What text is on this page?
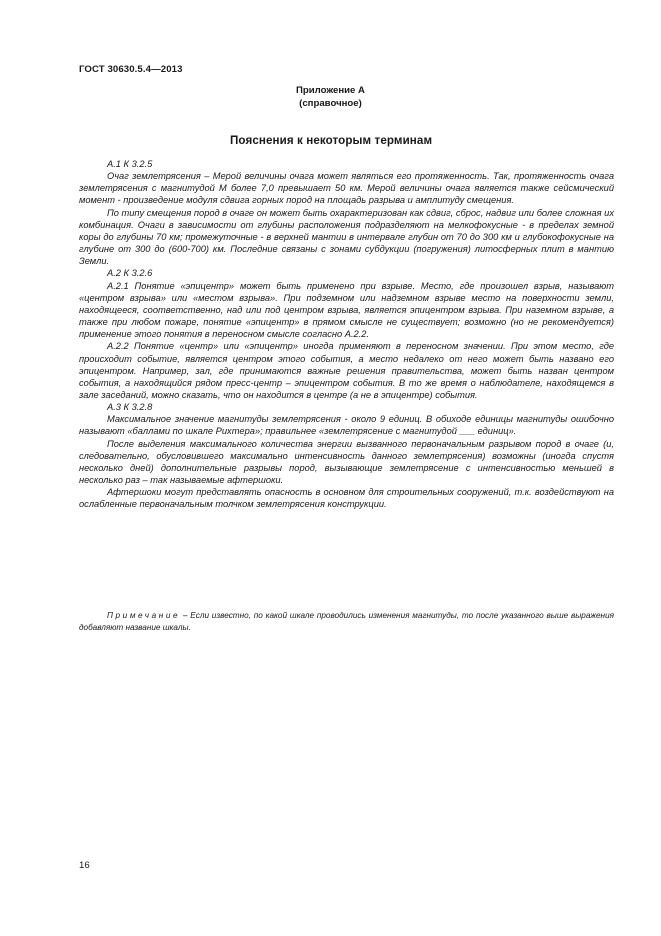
ГОСТ 30630.5.4—2013
Приложение А
(справочное)
Пояснения к некоторым терминам

А.1 К 3.2.5

Очаг землетрясения – Мерой величины очага может являться его протяженность. Так, протяженность очага землетрясения с магнитудой М более 7,0 превышает 50 км. Мерой величины очага является также сейсмический момент - произведение модуля сдвига горных пород на площадь разрыва и амплитуду смещения.

По типу смещения пород в очаге он может быть охарактеризован как сдвиг, сброс, надвиг или более сложная их комбинация. Очаги в зависимости от глубины расположения подразделяют на мелкофокусные - в пределах земной коры до глубины 70 км; промежуточные - в верхней мантии в интервале глубин от 70 до 300 км и глубокофокусные на глубине от 300 до (600-700) км. Последние связаны с зонами субдукции (погружения) литосферных плит в мантию Земли.

А.2 К 3.2.6

А.2.1 Понятие «эпицентр» может быть применено при взрыве. Место, где произошел взрыв, называют «центром взрыва» или «местом взрыва». При подземном или надземном взрыве место на поверхности земли, находящееся, соответственно, над или под центром взрыва, является эпицентром взрыва. При наземном взрыве, а также при любом пожаре, понятие «эпицентр» в прямом смысле не существует; возможно (но не рекомендуется) применение этого понятия в переносном смысле согласно А.2.2.

А.2.2 Понятие «центр» или «эпицентр» иногда применяют в переносном значении. При этом место, где происходит событие, является центром этого события, а место недалеко от него может быть названо его эпицентром. Например, зал, где принимаются важные решения правительства, может быть назван центром события, а находящийся рядом пресс-центр – эпицентром события. В то же время о наблюдателе, находящемся в зале заседаний, можно сказать, что он находится в центре (а не в эпицентре) события.

А.3 К 3.2.8

Максимальное значение магнитуды землетрясения - около 9 единиц. В обиходе единицы магнитуды ошибочно называют «баллами по шкале Рихтера»; правильнее «землетрясение с магнитудой ___ единиц».

После выделения максимального количества энергии вызванного первоначальным разрывом пород в очаге (и, следовательно, обусловившего максимально интенсивность данного землетрясения) возможны (иногда спустя несколько дней) дополнительные разрывы пород, вызывающие землетрясение с интенсивностью меньшей в несколько раз – так называемые афтершоки.

Афтершоки могут представлять опасность в основном для строительных сооружений, т.к. воздействуют на ослабленные первоначальным толчком землетрясения конструкции.

Примечание – Если известно, по какой шкале проводились изменения магнитуды, то после указанного выше выражения добавляют название шкалы.

16
